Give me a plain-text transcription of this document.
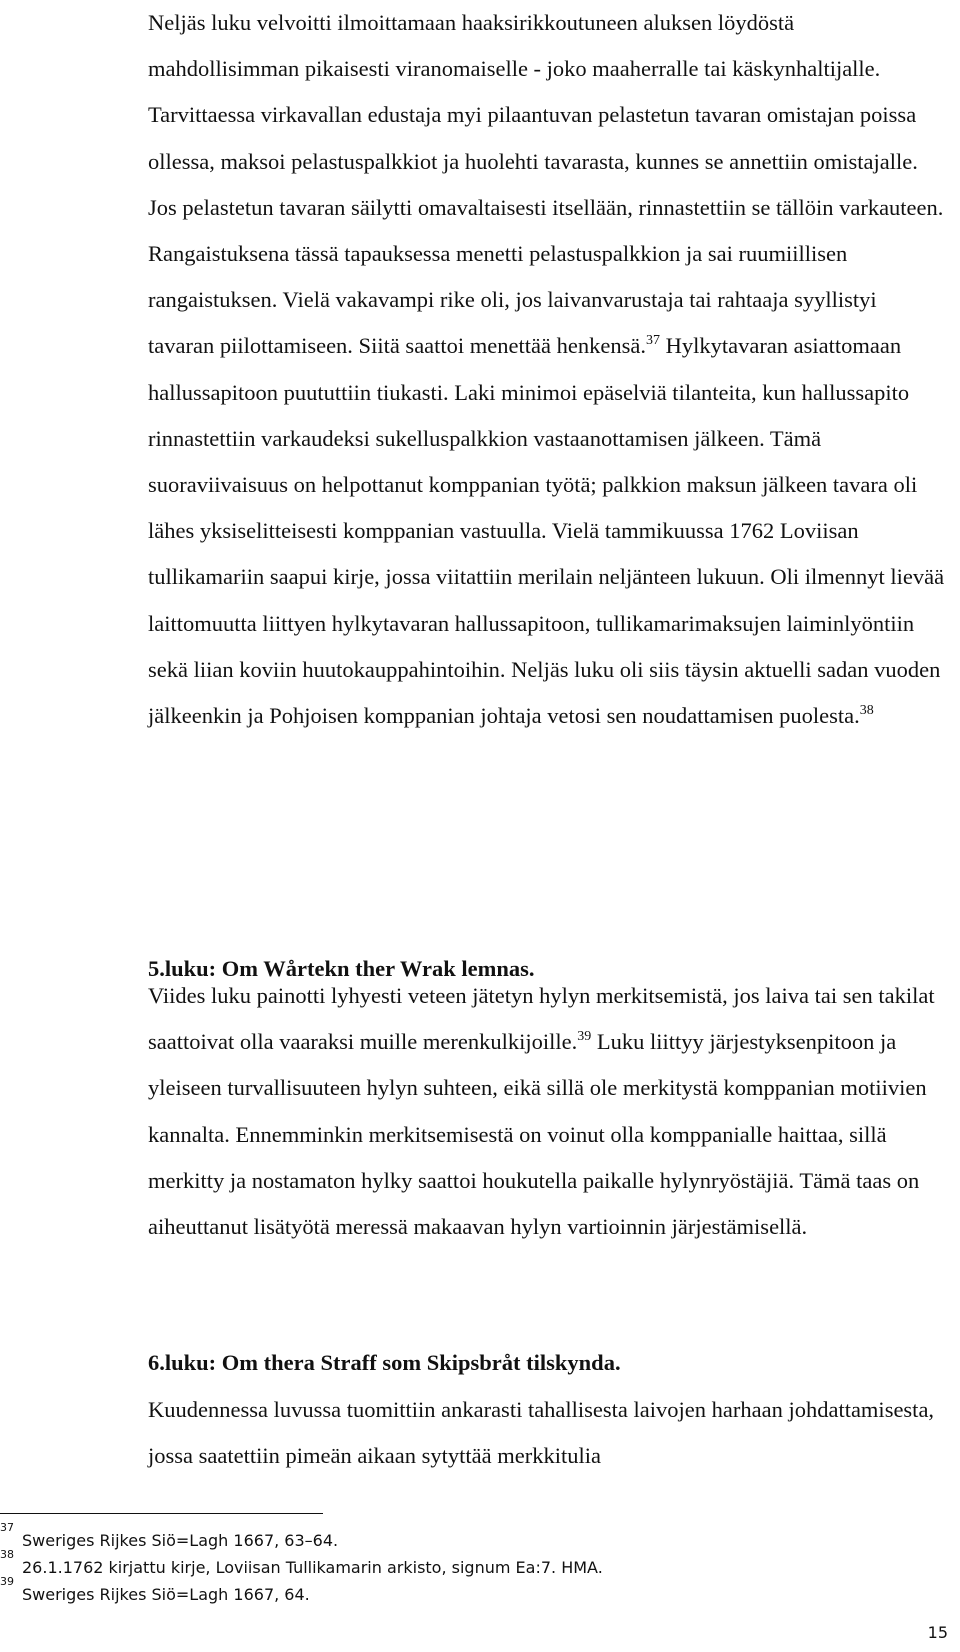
Neljäs luku velvoitti ilmoittamaan haaksirikkoutuneen aluksen löydöstä mahdollisimman pikaisesti viranomaiselle - joko maaherralle tai käskynhaltijalle. Tarvittaessa virkavallan edustaja myi pilaantuvan pelastetun tavaran omistajan poissa ollessa, maksoi pelastuspalkkiot ja huolehti tavarasta, kunnes se annettiin omistajalle. Jos pelastetun tavaran säilytti omavaltaisesti itsellään, rinnastettiin se tällöin varkauteen. Rangaistuksena tässä tapauksessa menetti pelastuspalkkion ja sai ruumiillisen rangaistuksen. Vielä vakavampi rike oli, jos laivanvarustaja tai rahtaaja syyllistyi tavaran piilottamiseen. Siitä saattoi menettää henkensä.$^{37}$ Hylkytavaran asiattomaan hallussapitoon puututtiin tiukasti. Laki minimoi epäselviä tilanteita, kun hallussapito rinnastettiin varkaudeksi sukelluspalkkion vastaanottamisen jälkeen. Tämä suoraviivaisuus on helpottanut komppanian työtä; palkkion maksun jälkeen tavara oli lähes yksiselitteisesti komppanian vastuulla. Vielä tammikuussa 1762 Loviisan tullikamariin saapui kirje, jossa viitattiin merilain neljänteen lukuun. Oli ilmennyt lievää laittomuutta liittyen hylkytavaran hallussapitoon, tullikamarimaksujen laiminlyöntiin sekä liian koviin huutokauppahintoihin. Neljäs luku oli siis täysin aktuelli sadan vuoden jälkeenkin ja Pohjoisen komppanian johtaja vetosi sen noudattamisen puolesta.$^{38}$

5.luku: Om Wårtekn ther Wrak lemnas.

Viides luku painotti lyhyesti veteen jätetyn hylyn merkitsemistä, jos laiva tai sen takilat saattoivat olla vaaraksi muille merenkulkijoille.$^{39}$ Luku liittyy järjestyksenpitoon ja yleiseen turvallisuuteen hylyn suhteen, eikä sillä ole merkitystä komppanian motiivien kannalta. Ennemminkin merkitsemisestä on voinut olla komppanialle haittaa, sillä merkitty ja nostamaton hylky saattoi houkutella paikalle hylynryöstäjiä. Tämä taas on aiheuttanut lisätyötä meressä makaavan hylyn vartioinnin järjestämisellä.

6.luku: Om thera Straff som Skipsbråt tilskynda.

Kuudennessa luvussa tuomittiin ankarasti tahallisesta laivojen harhaan johdattamisesta, jossa saatettiin pimeän aikaan sytyttää merkkitulia

37
Sweriges Rijkes Siö=Lagh 1667, 63–64.
38
26.1.1762 kirjattu kirje, Loviisan Tullikamarin arkisto, signum Ea:7. HMA.
39
Sweriges Rijkes Siö=Lagh 1667, 64.
15
